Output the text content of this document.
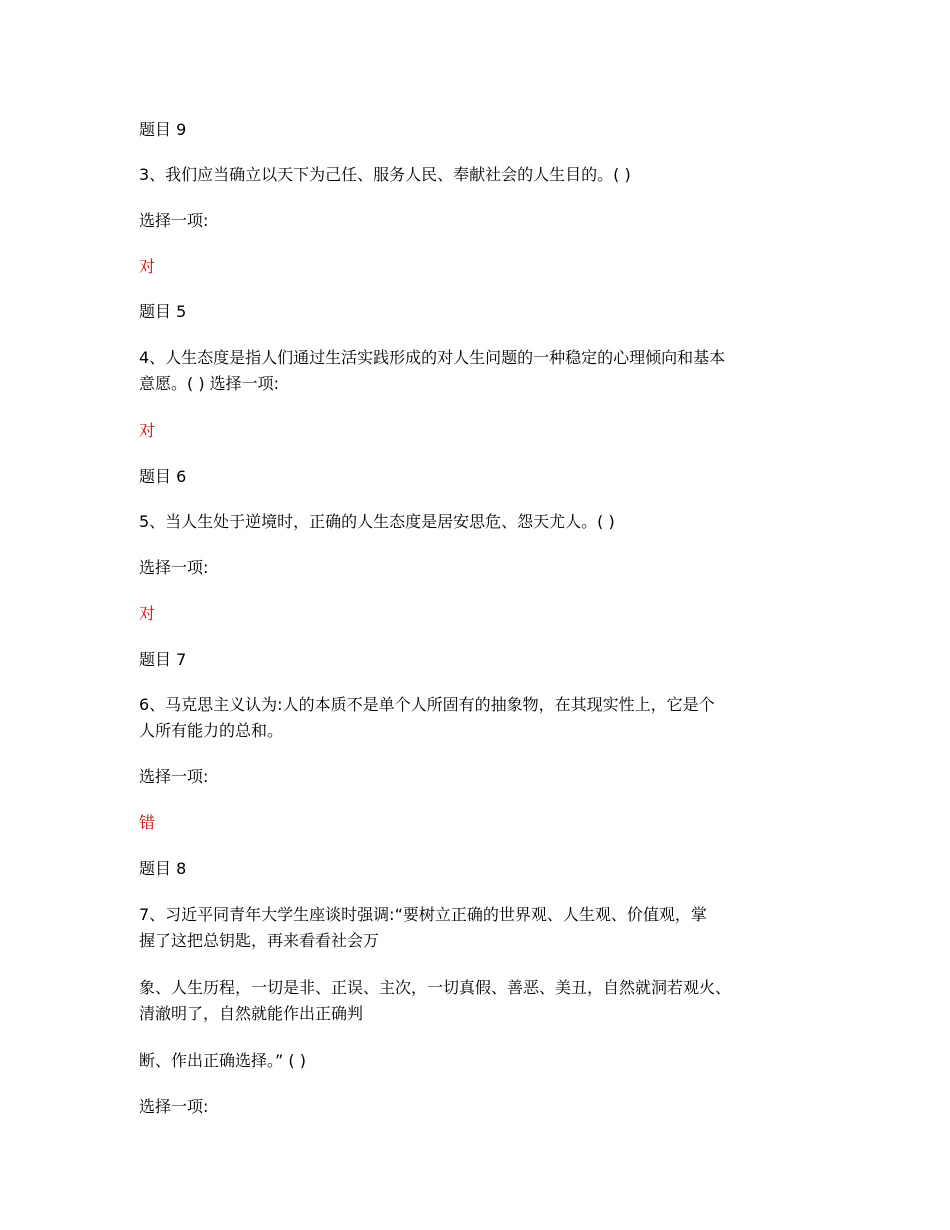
题目 9
3、我们应当确立以天下为己任、服务人民、奉献社会的人生目的。( )
选择一项:
对
题目 5
4、人生态度是指人们通过生活实践形成的对人生问题的一种稳定的心理倾向和基本
意愿。( ) 选择一项:
对
题目 6
5、当人生处于逆境时，正确的人生态度是居安思危、怨天尤人。( )
选择一项:
对
题目 7
6、马克思主义认为:人的本质不是单个人所固有的抽象物，在其现实性上，它是个
人所有能力的总和。
选择一项:
错
题目 8
7、习近平同青年大学生座谈时强调:“要树立正确的世界观、人生观、价值观，掌
握了这把总钥匙，再来看看社会万
象、人生历程，一切是非、正误、主次，一切真假、善恶、美丑，自然就洞若观火、
清澈明了，自然就能作出正确判
断、作出正确选择。” ( )
选择一项:
